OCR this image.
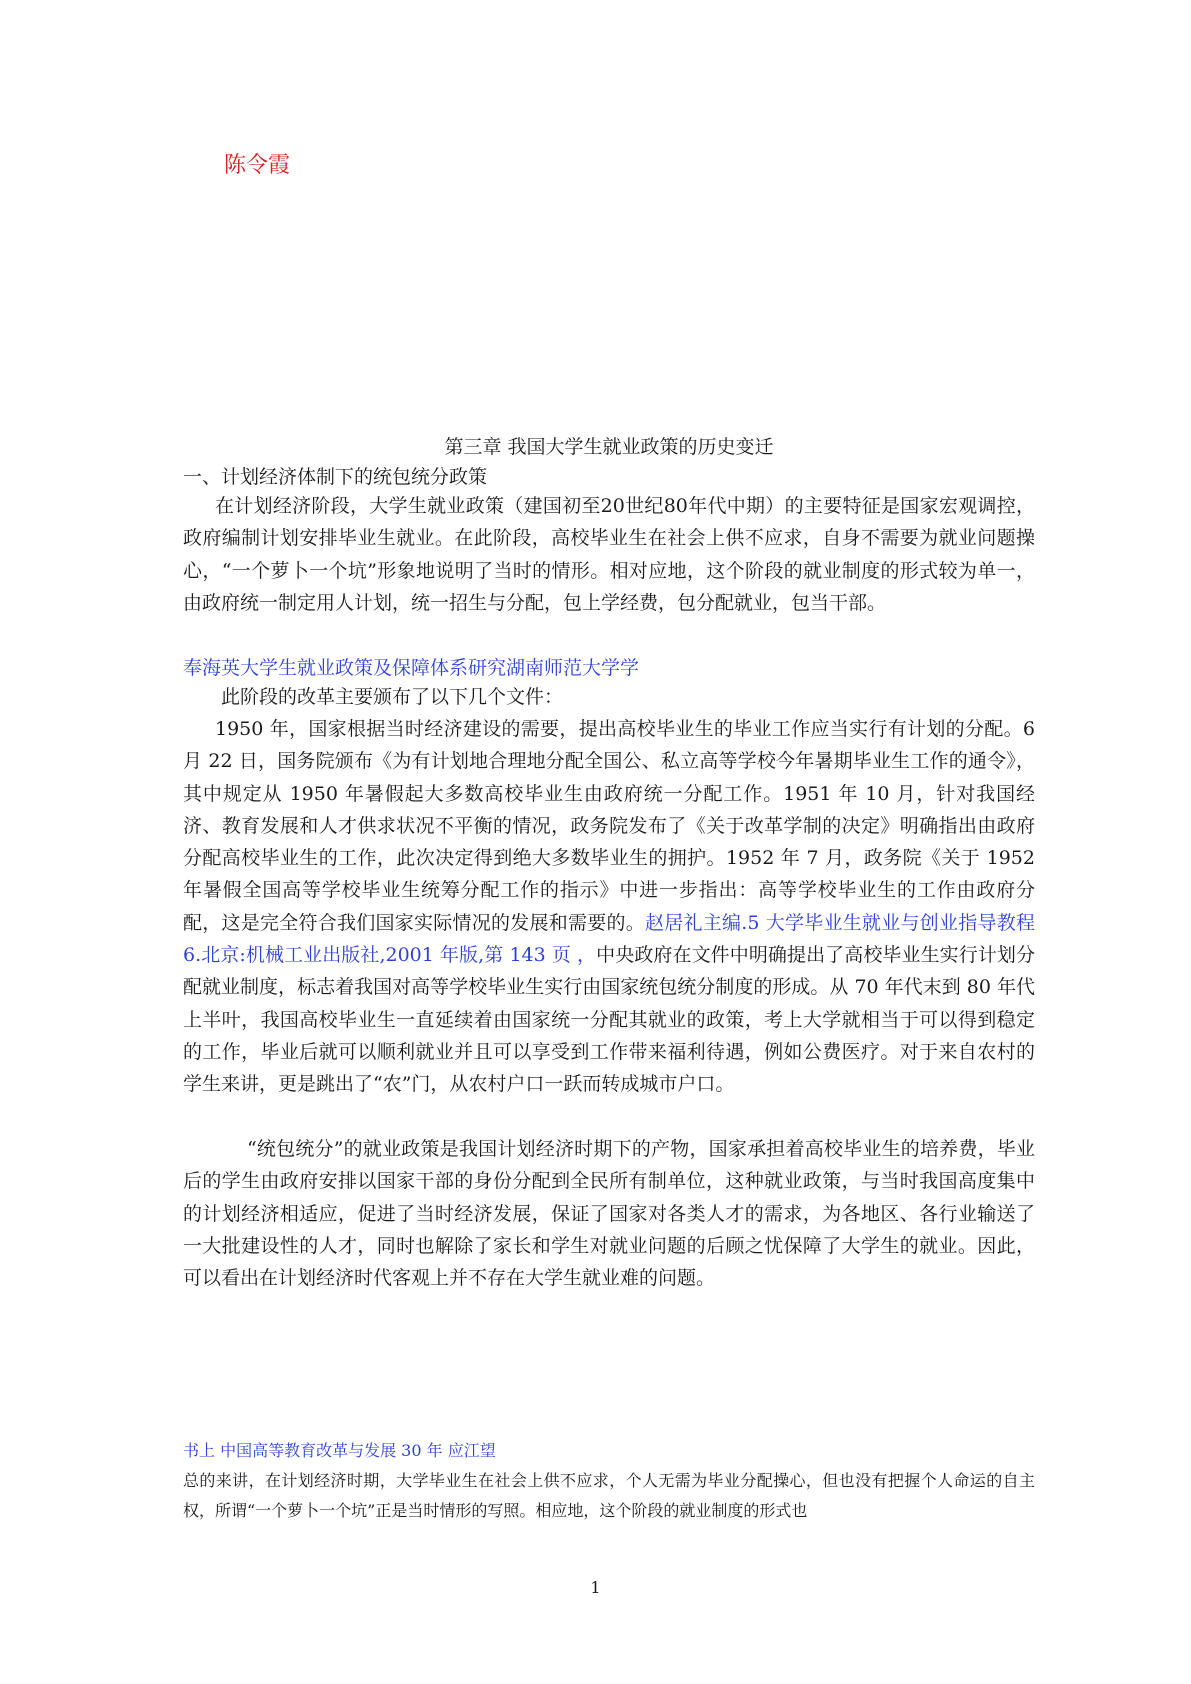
陈令霞
第三章 我国大学生就业政策的历史变迁
一、计划经济体制下的统包统分政策

在计划经济阶段，大学生就业政策（建国初至20世纪80年代中期）的主要特征是国家宏观调控，政府编制计划安排毕业生就业。在此阶段，高校毕业生在社会上供不应求，自身不需要为就业问题操心，“一个萝卜一个坑”形象地说明了当时的情形。相对应地，这个阶段的就业制度的形式较为单一，由政府统一制定用人计划，统一招生与分配，包上学经费，包分配就业，包当干部。

奉海英大学生就业政策及保障体系研究湖南师范大学学

此阶段的改革主要颁布了以下几个文件：

1950 年，国家根据当时经济建设的需要，提出高校毕业生的毕业工作应当实行有计划的分配。6 月 22 日，国务院颁布《为有计划地合理地分配全国公、私立高等学校今年暑期毕业生工作的通令》，其中规定从 1950 年暑假起大多数高校毕业生由政府统一分配工作。1951 年 10 月，针对我国经济、教育发展和人才供求状况不平衡的情况，政务院发布了《关于改革学制的决定》明确指出由政府分配高校毕业生的工作，此次决定得到绝大多数毕业生的拥护。1952 年 7 月，政务院《关于 1952 年暑假全国高等学校毕业生统筹分配工作的指示》中进一步指出：高等学校毕业生的工作由政府分配，这是完全符合我们国家实际情况的发展和需要的。赵居礼主编.5 大学毕业生就业与创业指导教程 6.北京:机械工业出版社,2001 年版,第 143 页 ，中央政府在文件中明确提出了高校毕业生实行计划分配就业制度，标志着我国对高等学校毕业生实行由国家统包统分制度的形成。从 70 年代末到 80 年代上半叶，我国高校毕业生一直延续着由国家统一分配其就业的政策，考上大学就相当于可以得到稳定的工作，毕业后就可以顺利就业并且可以享受到工作带来福利待遇，例如公费医疗。对于来自农村的学生来讲，更是跳出了“农”门，从农村户口一跃而转成城市户口。

“统包统分”的就业政策是我国计划经济时期下的产物，国家承担着高校毕业生的培养费，毕业后的学生由政府安排以国家干部的身份分配到全民所有制单位，这种就业政策，与当时我国高度集中的计划经济相适应，促进了当时经济发展，保证了国家对各类人才的需求，为各地区、各行业输送了一大批建设性的人才，同时也解除了家长和学生对就业问题的后顾之忧保障了大学生的就业。因此，可以看出在计划经济时代客观上并不存在大学生就业难的问题。

书上 中国高等教育改革与发展 30 年 应江望

总的来讲，在计划经济时期，大学毕业生在社会上供不应求，个人无需为毕业分配操心，但也没有把握个人命运的自主权，所谓“一个萝卜一个坑”正是当时情形的写照。相应地，这个阶段的就业制度的形式也

1
